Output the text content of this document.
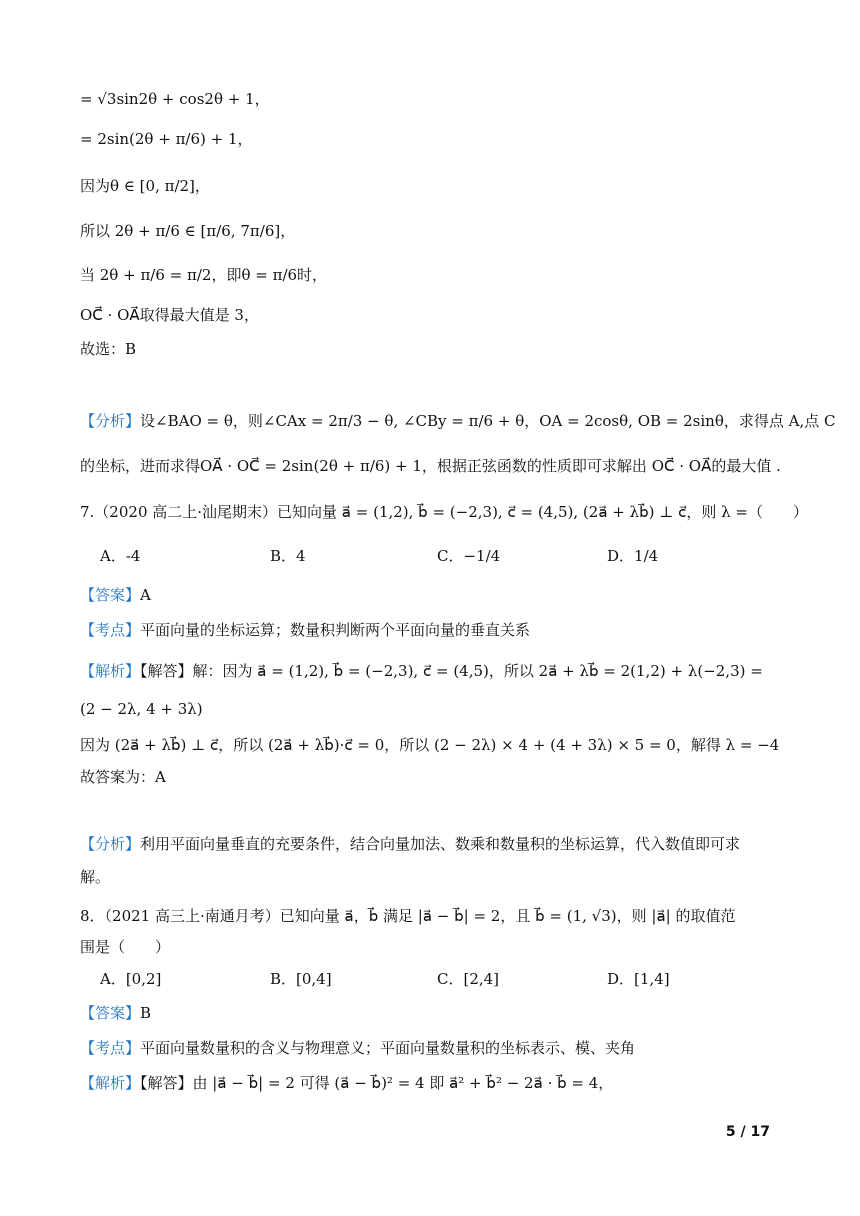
= √3sin2θ + cos2θ + 1，
= 2sin(2θ + π/6) + 1，
因为θ ∈ [0, π/2]，
所以 2θ + π/6 ∈ [π/6, 7π/6]，
当 2θ + π/6 = π/2，即θ = π/6时，
OC⃗ · OA⃗取得最大值是 3，
故选：B
【分析】设∠BAO = θ，则∠CAx = 2π/3 − θ, ∠CBy = π/6 + θ，OA = 2cosθ, OB = 2sinθ，求得点 A,点 C
的坐标，进而求得OA⃗ · OC⃗ = 2sin(2θ + π/6) + 1，根据正弦函数的性质即可求解出 OC⃗ · OA⃗的最大值 .
7.（2020 高二上·汕尾期末）已知向量 a⃗ = (1,2), b⃗ = (−2,3), c⃗ = (4,5), (2a⃗ + λb⃗) ⊥ c⃗，则 λ =（　　）
A．-4	B．4	C．−1/4	D．1/4
【答案】A
【考点】平面向量的坐标运算；数量积判断两个平面向量的垂直关系
【解析】【解答】解：因为 a⃗ = (1,2), b⃗ = (−2,3), c⃗ = (4,5)，所以 2a⃗ + λb⃗ = 2(1,2) + λ(−2,3) =
(2 − 2λ, 4 + 3λ)
因为 (2a⃗ + λb⃗) ⊥ c⃗，所以 (2a⃗ + λb⃗)·c⃗ = 0，所以 (2 − 2λ) × 4 + (4 + 3λ) × 5 = 0，解得 λ = −4
故答案为：A
【分析】利用平面向量垂直的充要条件，结合向量加法、数乘和数量积的坐标运算，代入数值即可求
解。
8．（2021 高三上·南通月考）已知向量 a⃗，b⃗ 满足 |a⃗ − b⃗| = 2，且 b⃗ = (1, √3)，则 |a⃗| 的取值范
围是（　　）
A．[0,2]	B．[0,4]	C．[2,4]	D．[1,4]
【答案】B
【考点】平面向量数量积的含义与物理意义；平面向量数量积的坐标表示、模、夹角
【解析】【解答】由 |a⃗ − b⃗| = 2 可得 (a⃗ − b⃗)² = 4 即 a⃗² + b⃗² − 2a⃗ · b⃗ = 4，
5 / 17
